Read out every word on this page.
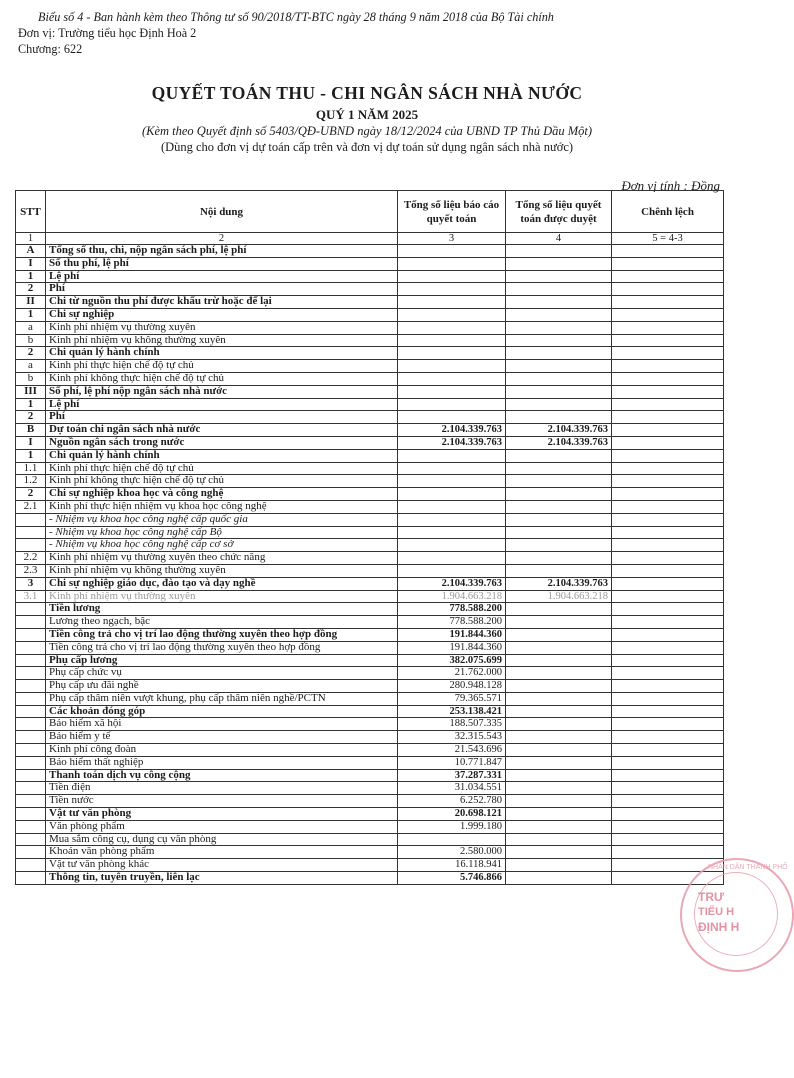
Biểu số 4 - Ban hành kèm theo Thông tư số 90/2018/TT-BTC ngày 28 tháng 9 năm 2018 của Bộ Tài chính
Đơn vị: Trường tiểu học Định Hoà 2
Chương: 622
QUYẾT TOÁN THU - CHI NGÂN SÁCH NHÀ NƯỚC
QUÝ 1 NĂM 2025
(Kèm theo Quyết định số 5403/QĐ-UBND ngày 18/12/2024 của UBND TP Thủ Dầu Một)
(Dùng cho đơn vị dự toán cấp trên và đơn vị dự toán sử dụng ngân sách nhà nước)
Đơn vị tính : Đồng
STT	Nội dung	Tổng số liệu báo cáo quyết toán	Tổng số liệu quyết toán được duyệt	Chênh lệch
1	2	3	4	5 = 4-3
A	Tổng số thu, chi, nộp ngân sách phí, lệ phí			
I	Số thu phí, lệ phí			
1	Lệ phí			
2	Phí			
II	Chi từ nguồn thu phí được khấu trừ hoặc để lại			
1	Chi sự nghiệp			
a	Kinh phí nhiệm vụ thường xuyên			
b	Kinh phí nhiệm vụ không thường xuyên			
2	Chi quản lý hành chính			
a	Kinh phí thực hiện chế độ tự chủ			
b	Kinh phí không thực hiện chế độ tự chủ			
III	Số phí, lệ phí nộp ngân sách nhà nước			
1	Lệ phí			
2	Phí			
B	Dự toán chi ngân sách nhà nước	2.104.339.763	2.104.339.763	
I	Nguồn ngân sách trong nước	2.104.339.763	2.104.339.763	
1	Chi quản lý hành chính			
1.1	Kinh phí thực hiện chế độ tự chủ			
1.2	Kinh phí không thực hiện chế độ tự chủ			
2	Chi sự nghiệp khoa học và công nghệ			
2.1	Kinh phí thực hiện nhiệm vụ khoa học công nghệ			
	- Nhiệm vụ khoa học công nghệ cấp quốc gia			
	- Nhiệm vụ khoa học công nghệ cấp Bộ			
	- Nhiệm vụ khoa học công nghệ cấp cơ sở			
2.2	Kinh phí nhiệm vụ thường xuyên theo chức năng			
2.3	Kinh phí nhiệm vụ không thường xuyên			
3	Chi sự nghiệp giáo dục, đào tạo và dạy nghề	2.104.339.763	2.104.339.763	
3.1	Kinh phí nhiệm vụ thường xuyên	1.904.663.218	1.904.663.218	
	Tiền lương	778.588.200		
	Lương theo ngạch, bậc	778.588.200		
	Tiền công trả cho vị trí lao động thường xuyên theo hợp đồng	191.844.360		
	Tiền công trả cho vị trí lao động thường xuyên theo hợp đồng	191.844.360		
	Phụ cấp lương	382.075.699		
	Phụ cấp chức vụ	21.762.000		
	Phụ cấp ưu đãi nghề	280.948.128		
	Phụ cấp thâm niên vượt khung, phụ cấp thâm niên nghề/PCTN	79.365.571		
	Các khoản đóng góp	253.138.421		
	Bảo hiểm xã hội	188.507.335		
	Bảo hiểm y tế	32.315.543		
	Kinh phí công đoàn	21.543.696		
	Bảo hiểm thất nghiệp	10.771.847		
	Thanh toán dịch vụ công cộng	37.287.331		
	Tiền điện	31.034.551		
	Tiền nước	6.252.780		
	Vật tư văn phòng	20.698.121		
	Văn phòng phẩm	1.999.180		
	Mua sắm công cụ, dụng cụ văn phòng			
	Khoán văn phòng phẩm	2.580.000		
	Vật tư văn phòng khác	16.118.941		
	Thông tin, tuyên truyền, liên lạc	5.746.866		
NHÂN DÂN THÀNH PHỐ
TRƯ
TIỂU H
ĐỊNH H
